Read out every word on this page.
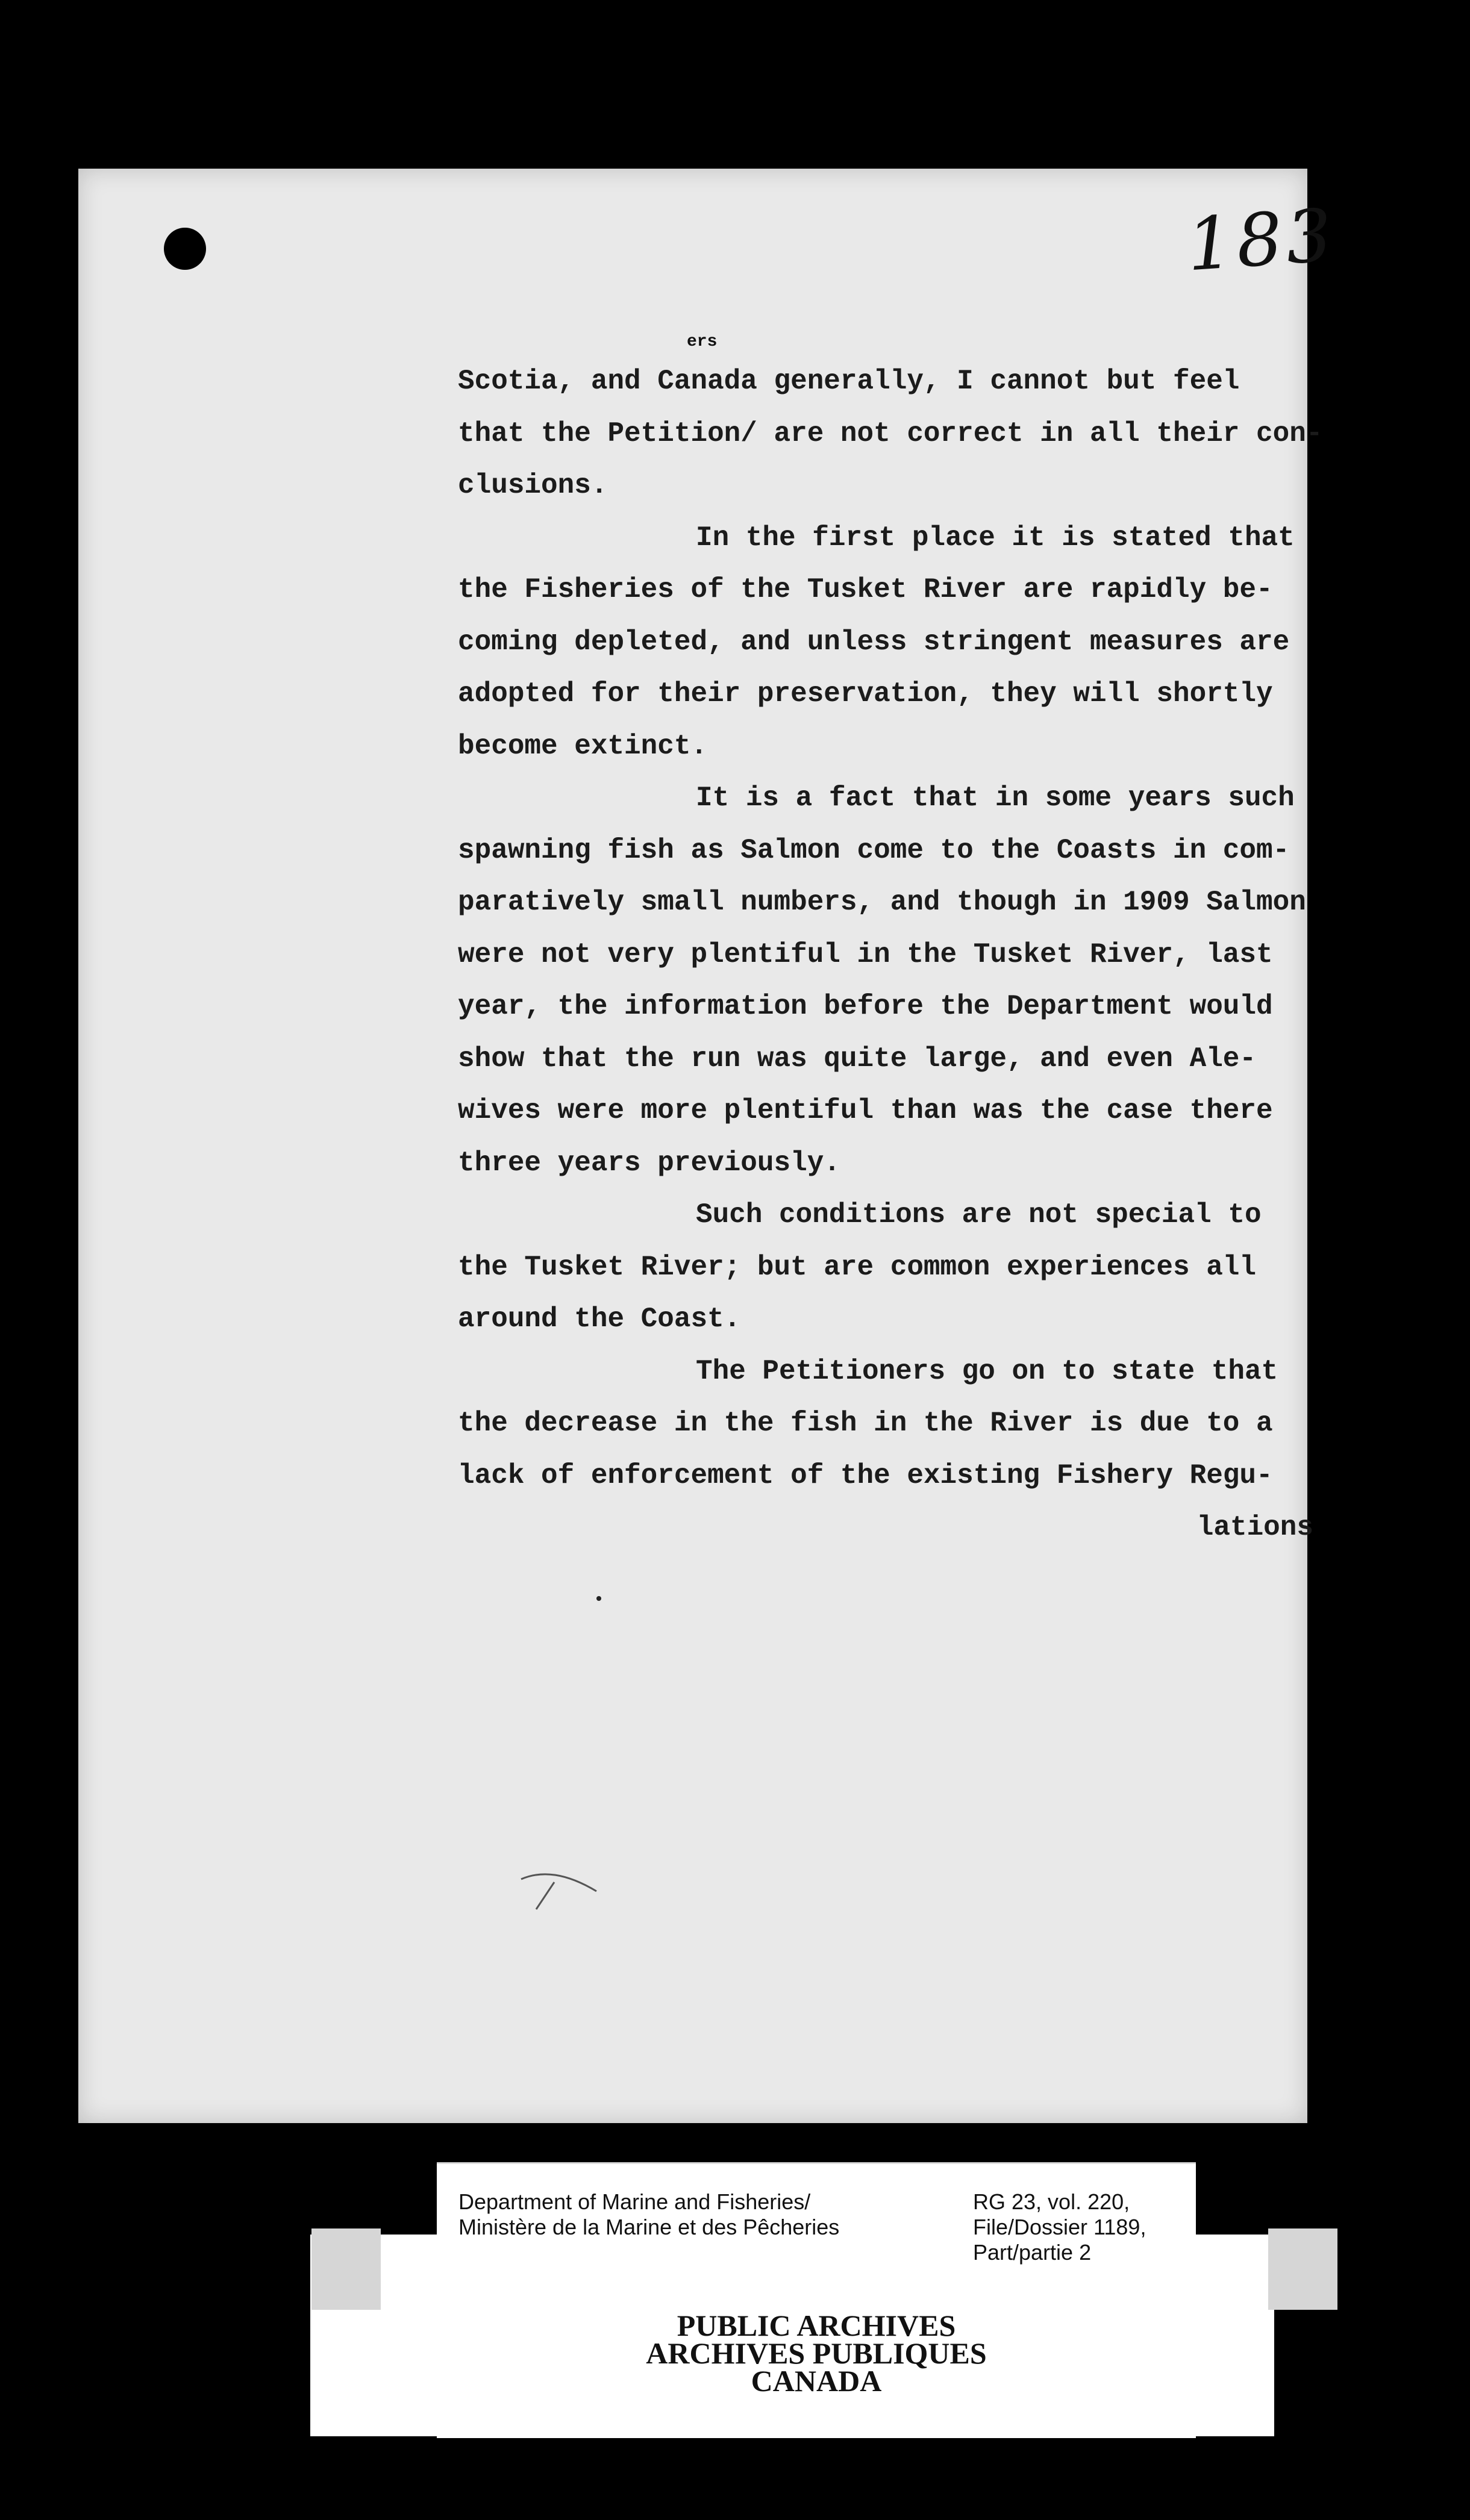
183
ers
Scotia, and Canada generally, I cannot but feel
that the Petition/ are not correct in all their con-
clusions.
In the first place it is stated that
the Fisheries of the Tusket River are rapidly be-
coming depleted, and unless stringent measures are
adopted for their preservation, they will shortly
become extinct.
It is a fact that in some years such
spawning fish as Salmon come to the Coasts in com-
paratively small numbers, and though in 1909 Salmon
were not very plentiful in the Tusket River, last
year, the information before the Department would
show that the run was quite large, and even Ale-
wives were more plentiful than was the case there
three years previously.
Such conditions are not special to
the Tusket River; but are common experiences all
around the Coast.
The Petitioners go on to state that
the decrease in the fish in the River is due to a
lack of enforcement of the existing Fishery Regu-
lations
Department of Marine and Fisheries/
Ministère de la Marine et des Pêcheries
RG 23, vol. 220,
File/Dossier 1189,
Part/partie 2
PUBLIC ARCHIVES
ARCHIVES PUBLIQUES
CANADA
